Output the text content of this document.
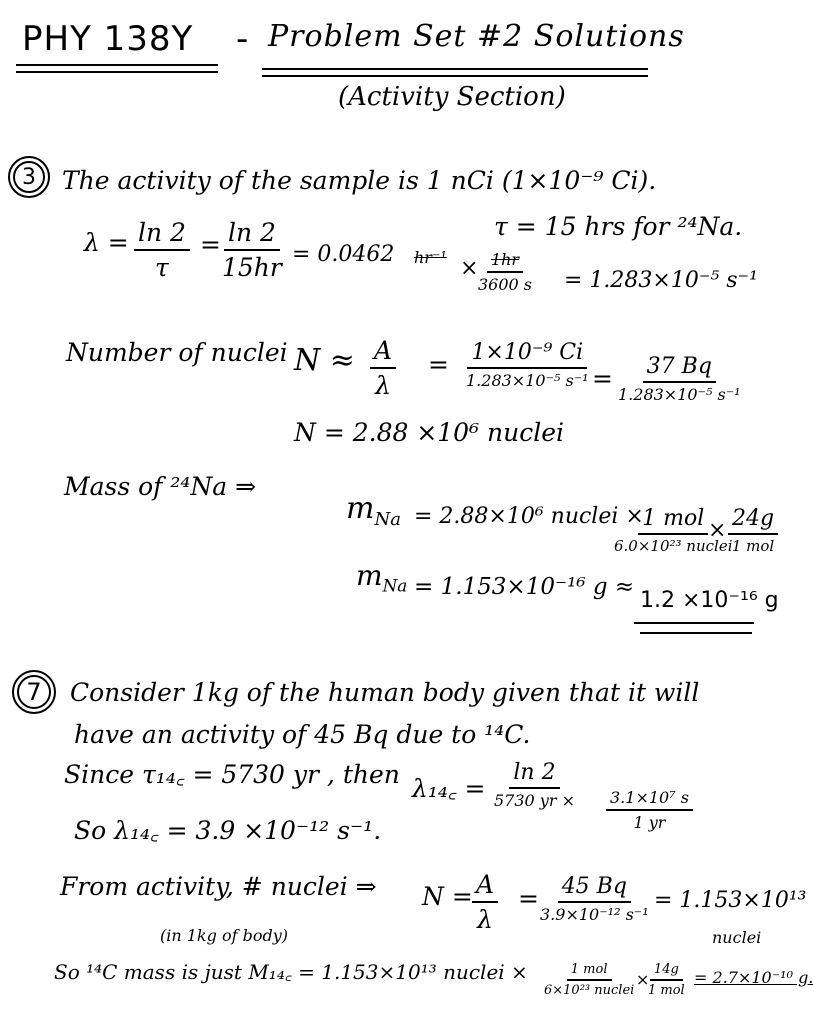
PHY 138Y - Problem Set #2 Solutions
(Activity Section)
3 The activity of the sample is 1 nCi (1×10⁻⁹ Ci).
τ = 15 hrs for ²⁴Na.
$\lambda = \frac{\ln 2}{\tau} = \frac{\ln 2}{15hr} = 0.0462$ $hr^{-1} \times \frac{1hr}{3600 s} = 1.283\times 10^{-5}$ s⁻¹
Number of nuclei $N \approx \frac{A}{\lambda} = 1\times 10^{-9}$ Ci
1.283×10⁻⁵ s⁻¹ = 37 Bq
1.283×10⁻⁵ s⁻¹
N = 2.88 ×10⁶ nuclei
Mass of ²⁴Na ⇒
$m_{Na} = 2.88\times 10^6$ nuclei ×
1 mol
6.0×10²³ nuclei
× 24g
1 mol
$m_{Na} = 1.153\times 10^{-16}$ g ≈
1.2 ×10⁻¹⁶ g
7 Consider 1kg of the human body given that it will
have an activity of 45 Bq due to ¹⁴C.
Since τ₁₄꜀ = 5730 yr , then λ₁₄꜀ =
ln 2
5730 yr × $\frac{\text{3.1×10⁷ s}}{1 yr}$
So λ₁₄꜀ = 3.9 ×10⁻¹² s⁻¹.
From activity, # nuclei ⇒ $N = \frac{A}{\lambda} = 45$ Bq
3.9×10⁻¹² s⁻¹
= 1.153×10¹³
nuclei
(in 1kg of body)
So ¹⁴C mass is just M₁₄꜀ = 1.153×10¹³ nuclei ×	1 mol
6×10²³ nuclei
×
14g
1 mol
= 2.7×10⁻¹⁰ g.
